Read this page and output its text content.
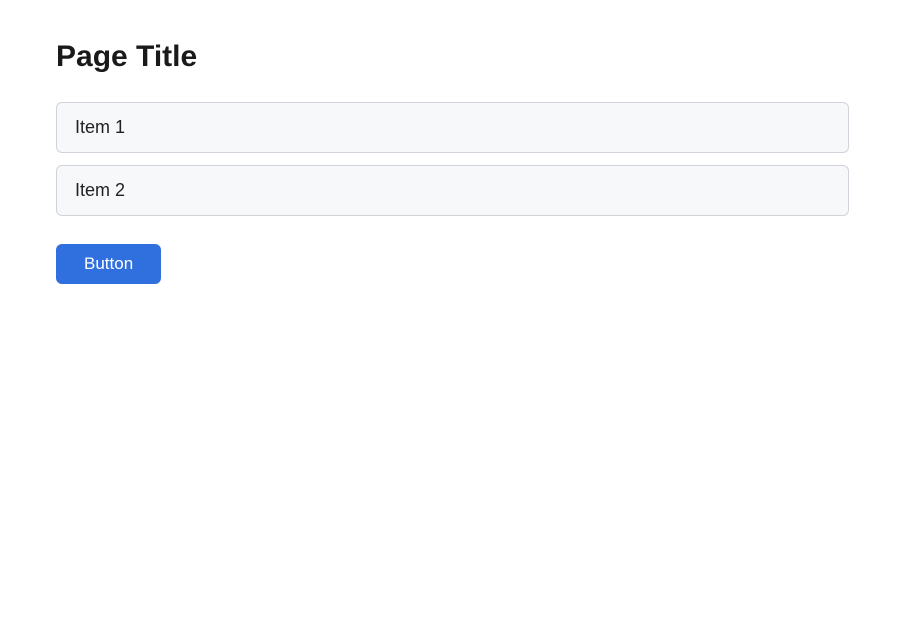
Page Title
Item 1
Item 2
Button
